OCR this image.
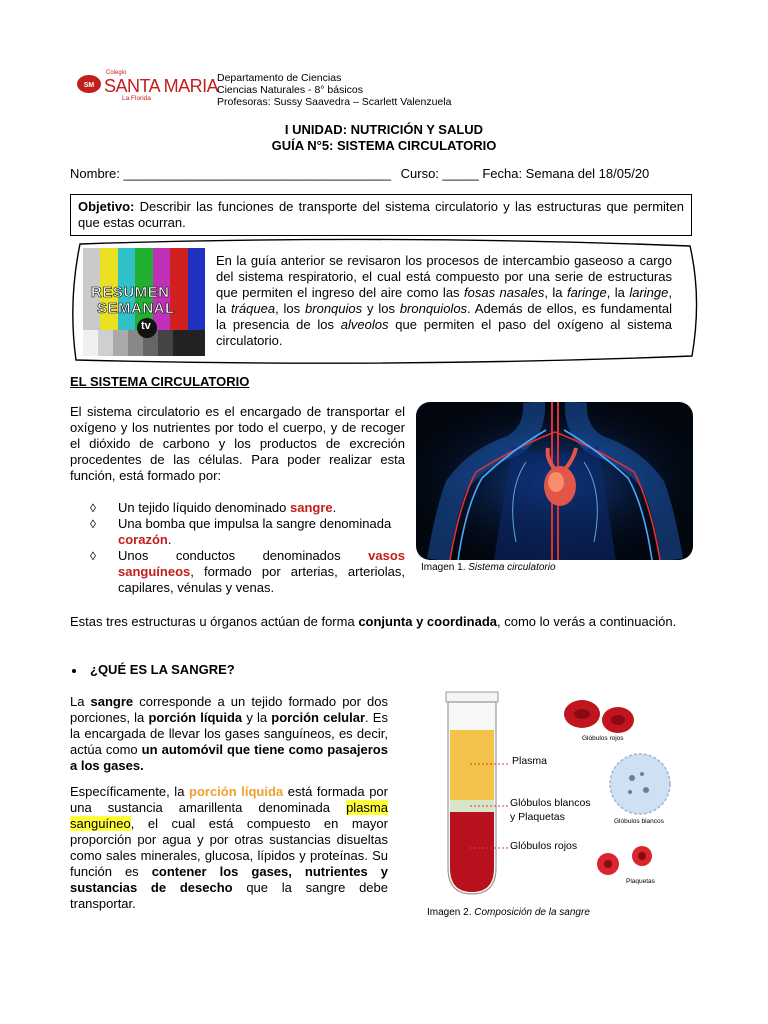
SM
Colegio
SANTA MARIA
La Florida
Departamento de Ciencias
Ciencias Naturales - 8° básicos
Profesoras: Sussy Saavedra – Scarlett Valenzuela
I UNIDAD: NUTRICIÓN Y SALUD
GUÍA N°5: SISTEMA CIRCULATORIO
Nombre: _____________________________________ Curso: _____ Fecha: Semana del 18/05/20
Objetivo: Describir las funciones de transporte del sistema circulatorio y las estructuras que permiten que estas ocurran.
RESUMEN
SEMANAL
tv
En la guía anterior se revisaron los procesos de intercambio gaseoso a cargo del sistema respiratorio, el cual está compuesto por una serie de estructuras que permiten el ingreso del aire como las fosas nasales, la faringe, la laringe, la tráquea, los bronquios y los bronquiolos. Además de ellos, es fundamental la presencia de los alveolos que permiten el paso del oxígeno al sistema circulatorio.
EL SISTEMA CIRCULATORIO
El sistema circulatorio es el encargado de transportar el oxígeno y los nutrientes por todo el cuerpo, y de recoger el dióxido de carbono y los productos de excreción procedentes de las células. Para poder realizar esta función, está formado por:
◊ Un tejido líquido denominado sangre.
◊ Una bomba que impulsa la sangre denominada corazón.
◊ Unos conductos denominados vasos sanguíneos, formado por arterias, arteriolas, capilares, vénulas y venas.
Imagen 1. Sistema circulatorio
Estas tres estructuras u órganos actúan de forma conjunta y coordinada, como lo verás a continuación.
¿QUÉ ES LA SANGRE?
La sangre corresponde a un tejido formado por dos porciones, la porción líquida y la porción celular. Es la encargada de llevar los gases sanguíneos, es decir, actúa como un automóvil que tiene como pasajeros a los gases.
Específicamente, la porción líquida está formada por una sustancia amarillenta denominada plasma sanguíneo, el cual está compuesto en mayor proporción por agua y por otras sustancias disueltas como sales minerales, glucosa, lípidos y proteínas. Su función es contener los gases, nutrientes y sustancias de desecho que la sangre debe transportar.
Plasma
Glóbulos blancos
y Plaquetas
Glóbulos rojos
Glóbulos rojos
Glóbulos blancos
Plaquetas
Imagen 2. Composición de la sangre
